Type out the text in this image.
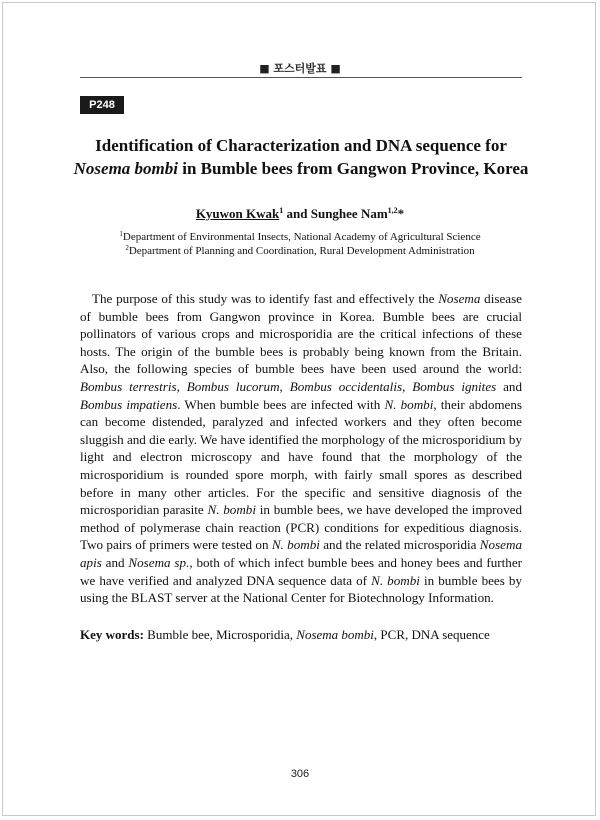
■ 포스터발표 ■
P248
Identification of Characterization and DNA sequence for
Nosema bombi in Bumble bees from Gangwon Province, Korea
Kyuwon Kwak$^1$ and Sunghee Nam$^{1,2}$*
$^1$Department of Environmental Insects, National Academy of Agricultural Science
$^2$Department of Planning and Coordination, Rural Development Administration

The purpose of this study was to identify fast and effectively the Nosema disease of bumble bees from Gangwon province in Korea. Bumble bees are crucial pollinators of various crops and microsporidia are the critical infections of these hosts. The origin of the bumble bees is probably being known from the Britain. Also, the following species of bumble bees have been used around the world: Bombus terrestris, Bombus lucorum, Bombus occidentalis, Bombus ignites and Bombus impatiens. When bumble bees are infected with N. bombi, their abdomens can become distended, paralyzed and infected workers and they often become sluggish and die early. We have identified the morphology of the microsporidium by light and electron microscopy and have found that the morphology of the microsporidium is rounded spore morph, with fairly small spores as described before in many other articles. For the specific and sensitive diagnosis of the microsporidian parasite N. bombi in bumble bees, we have developed the improved method of polymerase chain reaction (PCR) conditions for expeditious diagnosis. Two pairs of primers were tested on N. bombi and the related microsporidia Nosema apis and Nosema sp., both of which infect bumble bees and honey bees and further we have verified and analyzed DNA sequence data of N. bombi in bumble bees by using the BLAST server at the National Center for Biotechnology Information.

Key words: Bumble bee, Microsporidia, Nosema bombi, PCR, DNA sequence
306
